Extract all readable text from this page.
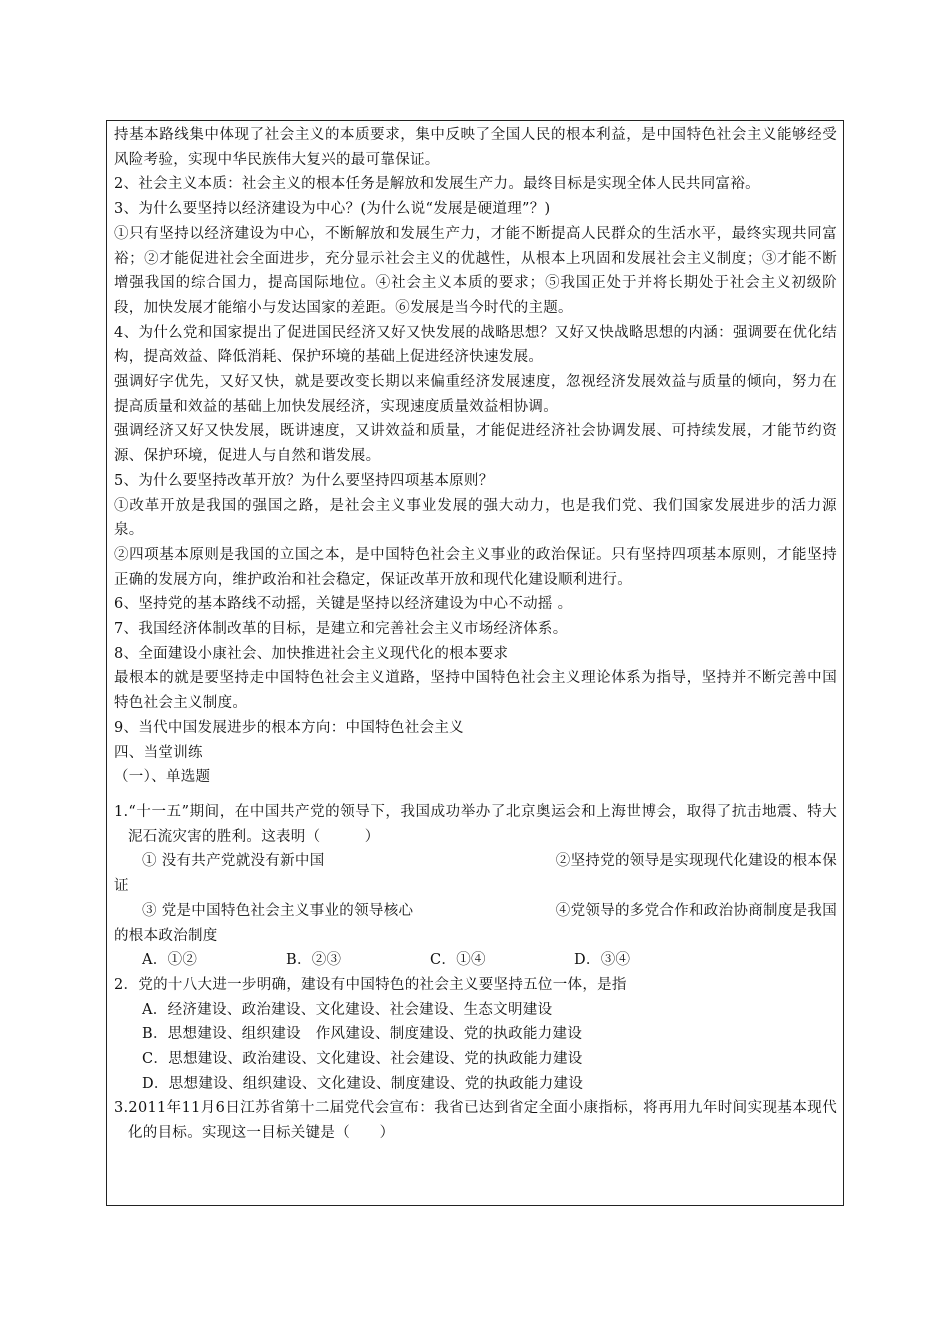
持基本路线集中体现了社会主义的本质要求，集中反映了全国人民的根本利益，是中国特色社会主义能够经受风险考验，实现中华民族伟大复兴的最可靠保证。

2、社会主义本质：社会主义的根本任务是解放和发展生产力。最终目标是实现全体人民共同富裕。

3、为什么要坚持以经济建设为中心？(为什么说“发展是硬道理”？)

①只有坚持以经济建设为中心，不断解放和发展生产力，才能不断提高人民群众的生活水平，最终实现共同富裕；②才能促进社会全面进步，充分显示社会主义的优越性，从根本上巩固和发展社会主义制度；③才能不断增强我国的综合国力，提高国际地位。④社会主义本质的要求；⑤我国正处于并将长期处于社会主义初级阶段，加快发展才能缩小与发达国家的差距。⑥发展是当今时代的主题。

4、为什么党和国家提出了促进国民经济又好又快发展的战略思想？又好又快战略思想的内涵：强调要在优化结构，提高效益、降低消耗、保护环境的基础上促进经济快速发展。

强调好字优先，又好又快，就是要改变长期以来偏重经济发展速度，忽视经济发展效益与质量的倾向，努力在提高质量和效益的基础上加快发展经济，实现速度质量效益相协调。

强调经济又好又快发展，既讲速度，又讲效益和质量，才能促进经济社会协调发展、可持续发展，才能节约资源、保护环境，促进人与自然和谐发展。

5、为什么要坚持改革开放？为什么要坚持四项基本原则？

①改革开放是我国的强国之路，是社会主义事业发展的强大动力，也是我们党、我们国家发展进步的活力源泉。

②四项基本原则是我国的立国之本，是中国特色社会主义事业的政治保证。只有坚持四项基本原则，才能坚持正确的发展方向，维护政治和社会稳定，保证改革开放和现代化建设顺利进行。

6、坚持党的基本路线不动摇，关键是坚持以经济建设为中心不动摇 。

7、我国经济体制改革的目标，是建立和完善社会主义市场经济体系。

8、全面建设小康社会、加快推进社会主义现代化的根本要求

最根本的就是要坚持走中国特色社会主义道路，坚持中国特色社会主义理论体系为指导，坚持并不断完善中国特色社会主义制度。

9、当代中国发展进步的根本方向：中国特色社会主义

四、当堂训练

（一）、单选题

1.“十一五”期间，在中国共产党的领导下，我国成功举办了北京奥运会和上海世博会，取得了抗击地震、特大泥石流灾害的胜利。这表明（　　　）

① 没有共产党就没有新中国	②坚持党的领导是实现现代化建设的根本保

证

③ 党是中国特色社会主义事业的领导核心	④党领导的多党合作和政治协商制度是我国

的根本政治制度

A．①②	B．②③	C．①④	D．③④

2．党的十八大进一步明确，建设有中国特色的社会主义要坚持五位一体，是指

A．经济建设、政治建设、文化建设、社会建设、生态文明建设

B．思想建设、组织建设　作风建设、制度建设、党的执政能力建设

C．思想建设、政治建设、文化建设、社会建设、党的执政能力建设

D．思想建设、组织建设、文化建设、制度建设、党的执政能力建设

3.2011年11月6日江苏省第十二届党代会宣布：我省已达到省定全面小康指标，将再用九年时间实现基本现代化的目标。实现这一目标关键是（　　）
